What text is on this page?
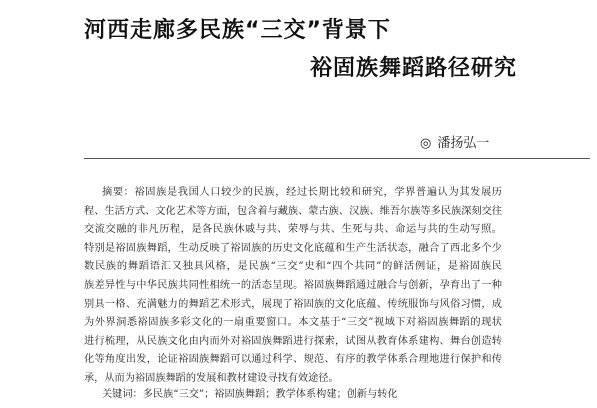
河西走廊多民族“三交”背景下
裕固族舞蹈路径研究
◎ 潘扬弘一
摘要：裕固族是我国人口较少的民族，经过长期比较和研究，学界普遍认为其发展历
程、生活方式、文化艺术等方面，包含着与藏族、蒙古族、汉族、维吾尔族等多民族深刻交往
交流交融的非凡历程，是各民族休戚与共、荣辱与共、生死与共、命运与共的生动写照。
特别是裕固族舞蹈，生动反映了裕固族的历史文化底蕴和生产生活状态，融合了西北多个少
数民族的舞蹈语汇又独具风格，是民族“三交”史和“四个共同”的鲜活例证，是裕固族民
族差异性与中华民族共同性相统一的活态呈现。裕固族舞蹈通过融合与创新，孕育出了一种
别具一格、充满魅力的舞蹈艺术形式，展现了裕固族的文化底蕴、传统服饰与风俗习惯，成
为外界洞悉裕固族多彩文化的一扇重要窗口。本文基于“三交”视域下对裕固族舞蹈的现状
进行梳理，从民族文化由内而外对裕固族舞蹈进行探索，试图从教育体系建构、舞台创造转
化等角度出发，论证裕固族舞蹈可以通过科学、规范、有序的教学体系合理地进行保护和传
承，从而为裕固族舞蹈的发展和教材建设寻找有效途径。
关键词：多民族“三交”；裕固族舞蹈；教学体系构建；创新与转化
